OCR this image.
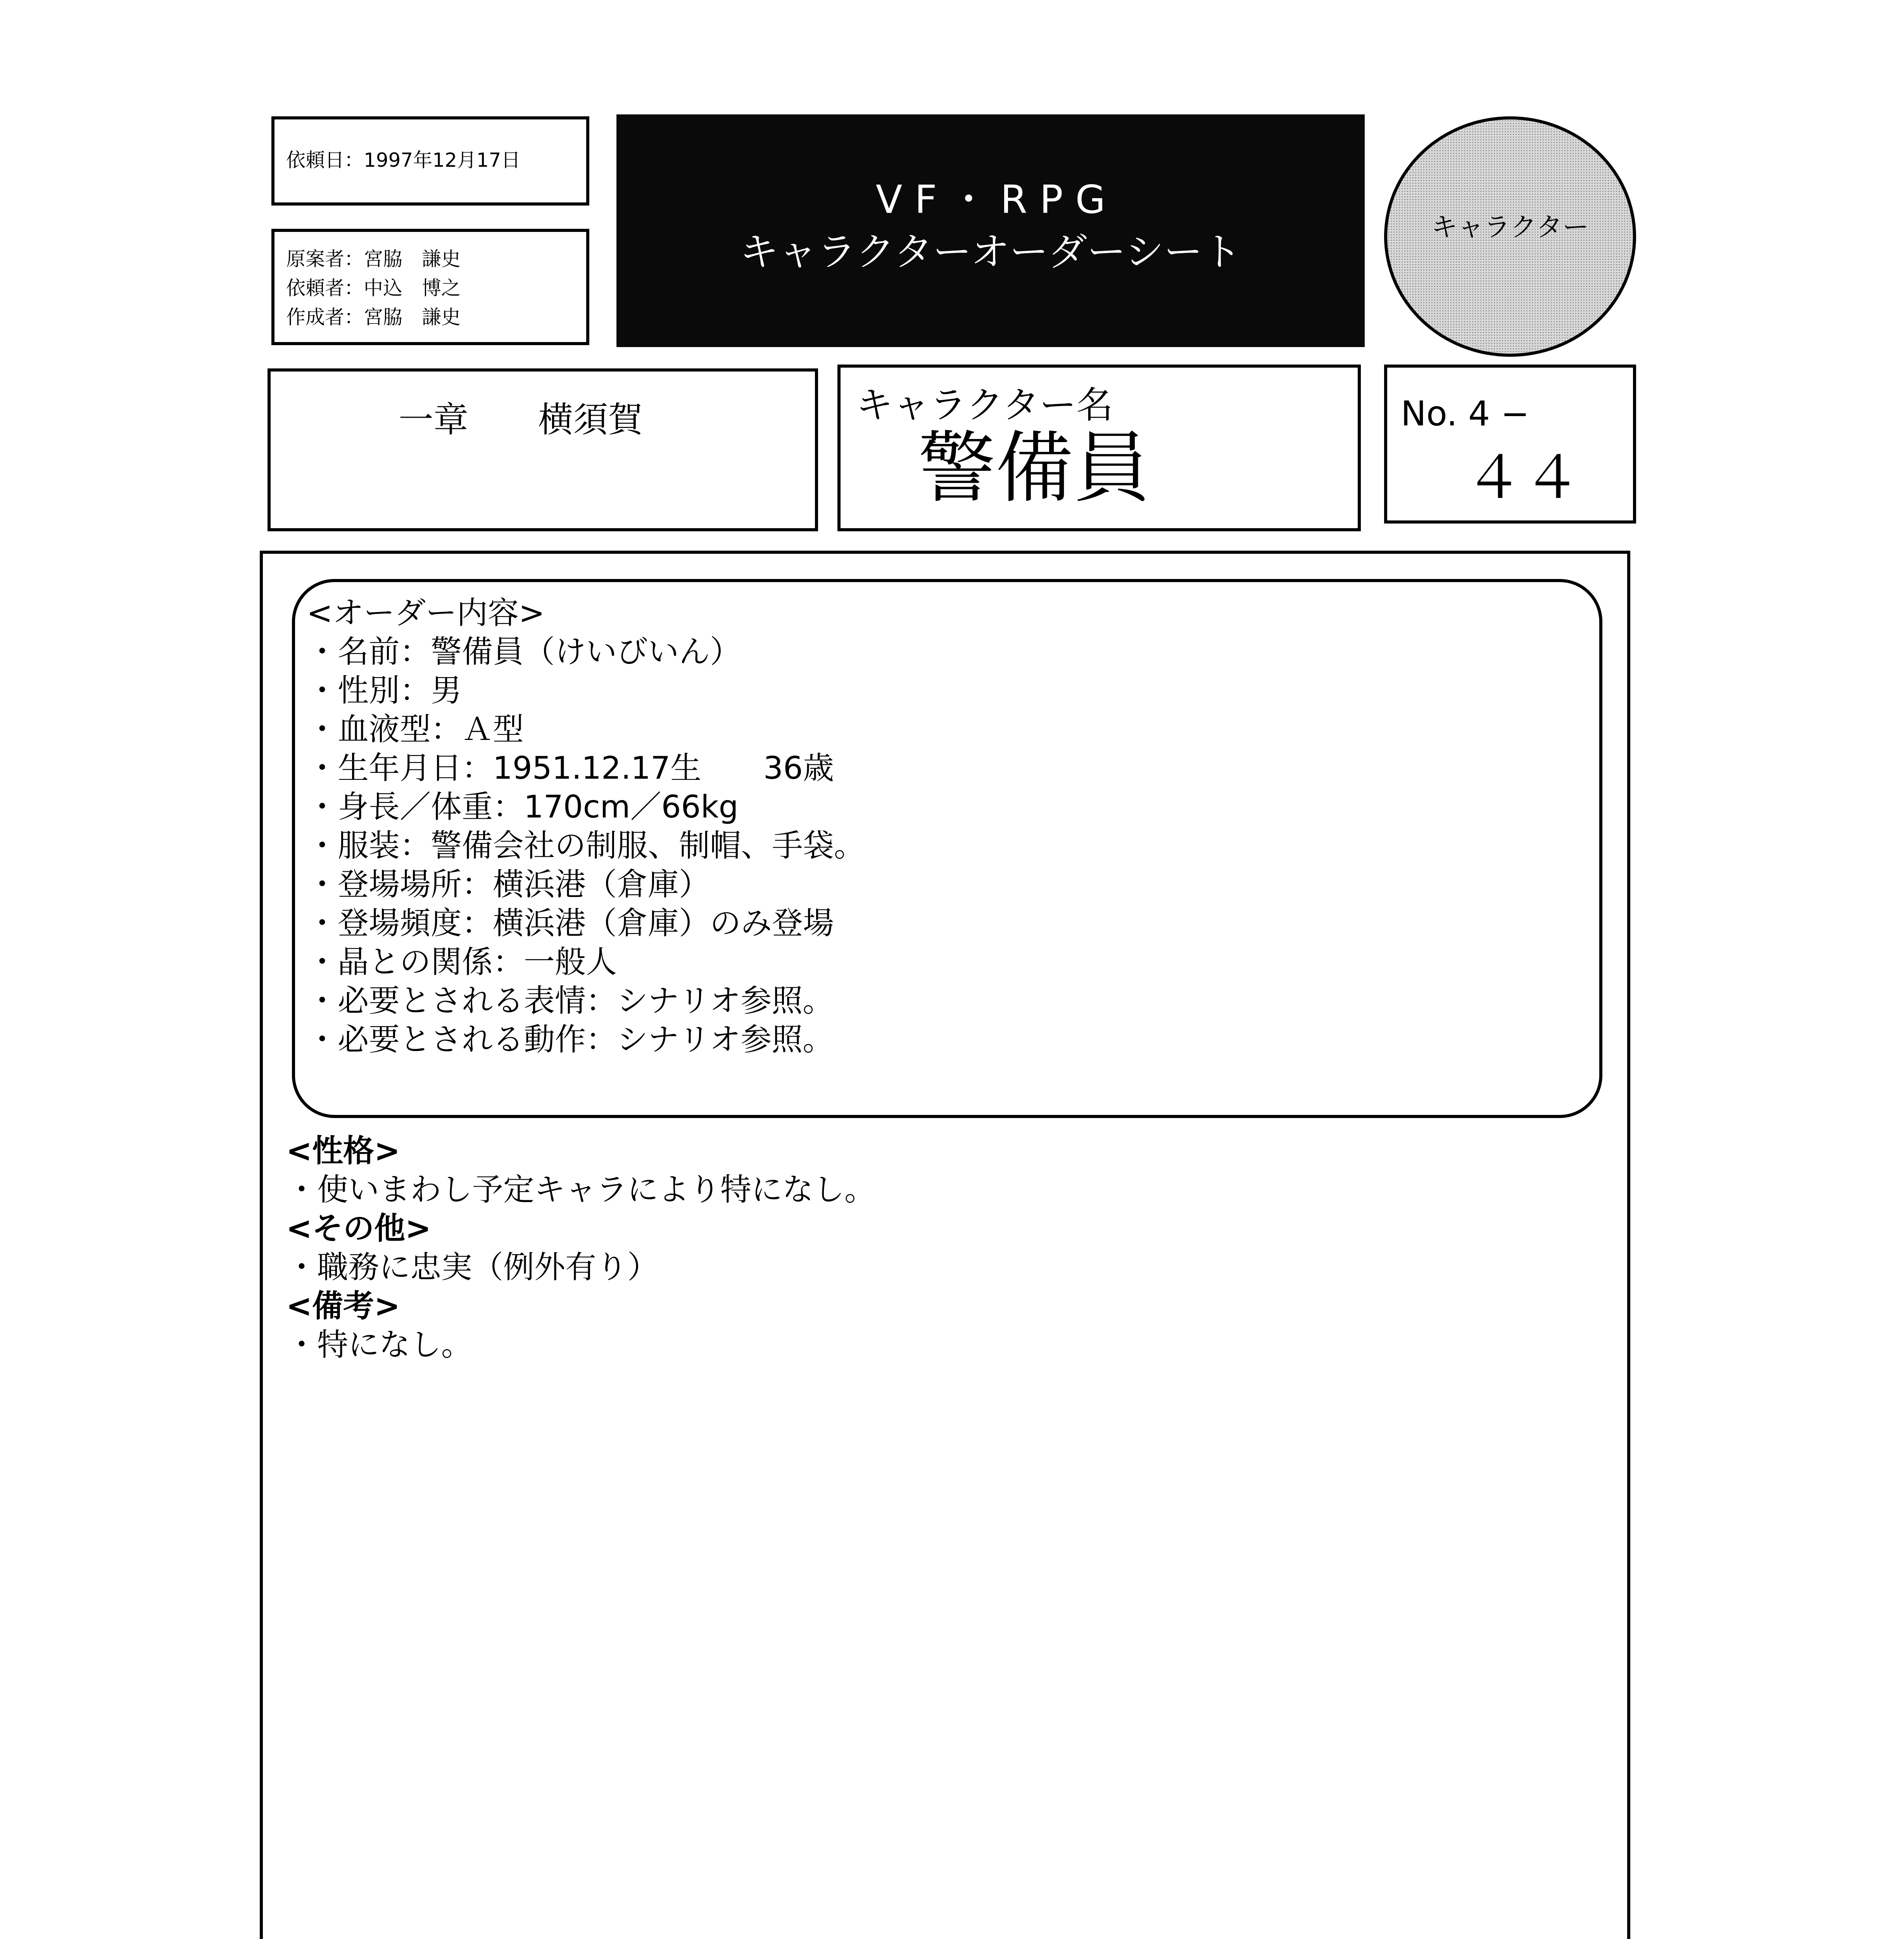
依頼日：1997年12月17日
原案者：宮脇　謙史
依頼者：中込　博之
作成者：宮脇　謙史
V F ・ R P G
キャラクターオーダーシート
キャラクター
一章　　横須賀	キャラクター名
警備員
No. 4 −
４４
<オーダー内容>
・名前：警備員（けいびいん）
・性別：男
・血液型：Ａ型
・生年月日：1951.12.17生　　36歳
・身長／体重：170cm／66kg
・服装：警備会社の制服、制帽、手袋。
・登場場所：横浜港（倉庫）
・登場頻度：横浜港（倉庫）のみ登場
・晶との関係：一般人
・必要とされる表情：シナリオ参照。
・必要とされる動作：シナリオ参照。
<性格>
・使いまわし予定キャラにより特になし。
<その他>
・職務に忠実（例外有り）
<備考>
・特になし。
